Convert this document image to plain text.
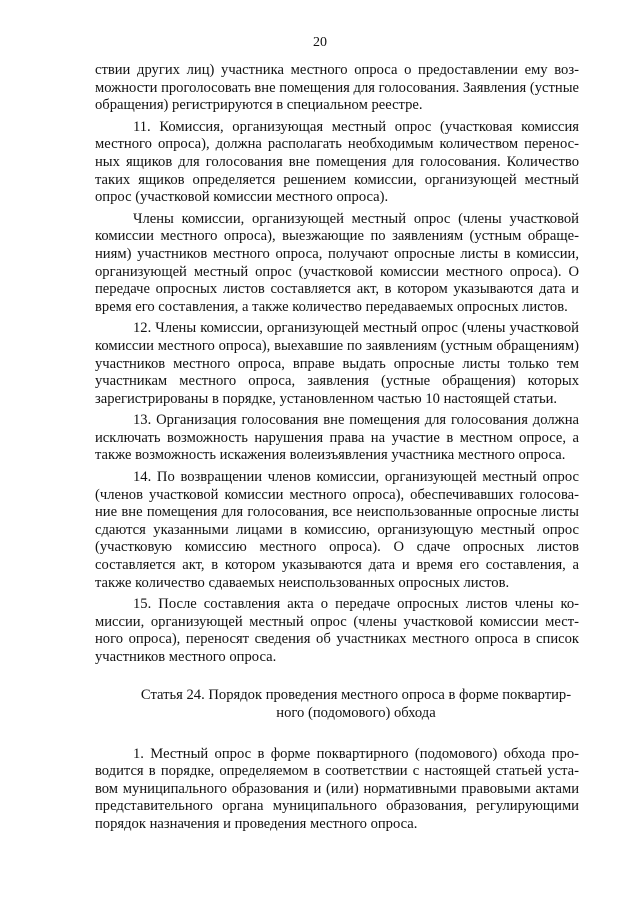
20

ствии других лиц) участника местного опроса о предоставлении ему возможности проголосовать вне помещения для голосования. Заявления (устные обращения) регистрируются в специальном реестре.

11. Комиссия, организующая местный опрос (участковая комиссия местного опроса), должна располагать необходимым количеством переносных ящиков для голосования вне помещения для голосования. Количество таких ящиков определяется решением комиссии, организующей местный опрос (участковой комиссии местного опроса).

Члены комиссии, организующей местный опрос (члены участковой комиссии местного опроса), выезжающие по заявлениям (устным обращениям) участников местного опроса, получают опросные листы в комиссии, организующей местный опрос (участковой комиссии местного опроса). О передаче опросных листов составляется акт, в котором указываются дата и время его составления, а также количество передаваемых опросных листов.

12. Члены комиссии, организующей местный опрос (члены участковой комиссии местного опроса), выехавшие по заявлениям (устным обращениям) участников местного опроса, вправе выдать опросные листы только тем участникам местного опроса, заявления (устные обращения) которых зарегистрированы в порядке, установленном частью 10 настоящей статьи.

13. Организация голосования вне помещения для голосования должна исключать возможность нарушения права на участие в местном опросе, а также возможность искажения волеизъявления участника местного опроса.

14. По возвращении членов комиссии, организующей местный опрос (членов участковой комиссии местного опроса), обеспечивавших голосование вне помещения для голосования, все неиспользованные опросные листы сдаются указанными лицами в комиссию, организующую местный опрос (участковую комиссию местного опроса). О сдаче опросных листов составляется акт, в котором указываются дата и время его составления, а также количество сдаваемых неиспользованных опросных листов.

15. После составления акта о передаче опросных листов члены комиссии, организующей местный опрос (члены участковой комиссии местного опроса), переносят сведения об участниках местного опроса в список участников местного опроса.

Статья 24. Порядок проведения местного опроса в форме поквартир-
ного (подомового) обхода

1. Местный опрос в форме поквартирного (подомового) обхода проводится в порядке, определяемом в соответствии с настоящей статьей уставом муниципального образования и (или) нормативными правовыми актами представительного органа муниципального образования, регулирующими порядок назначения и проведения местного опроса.
